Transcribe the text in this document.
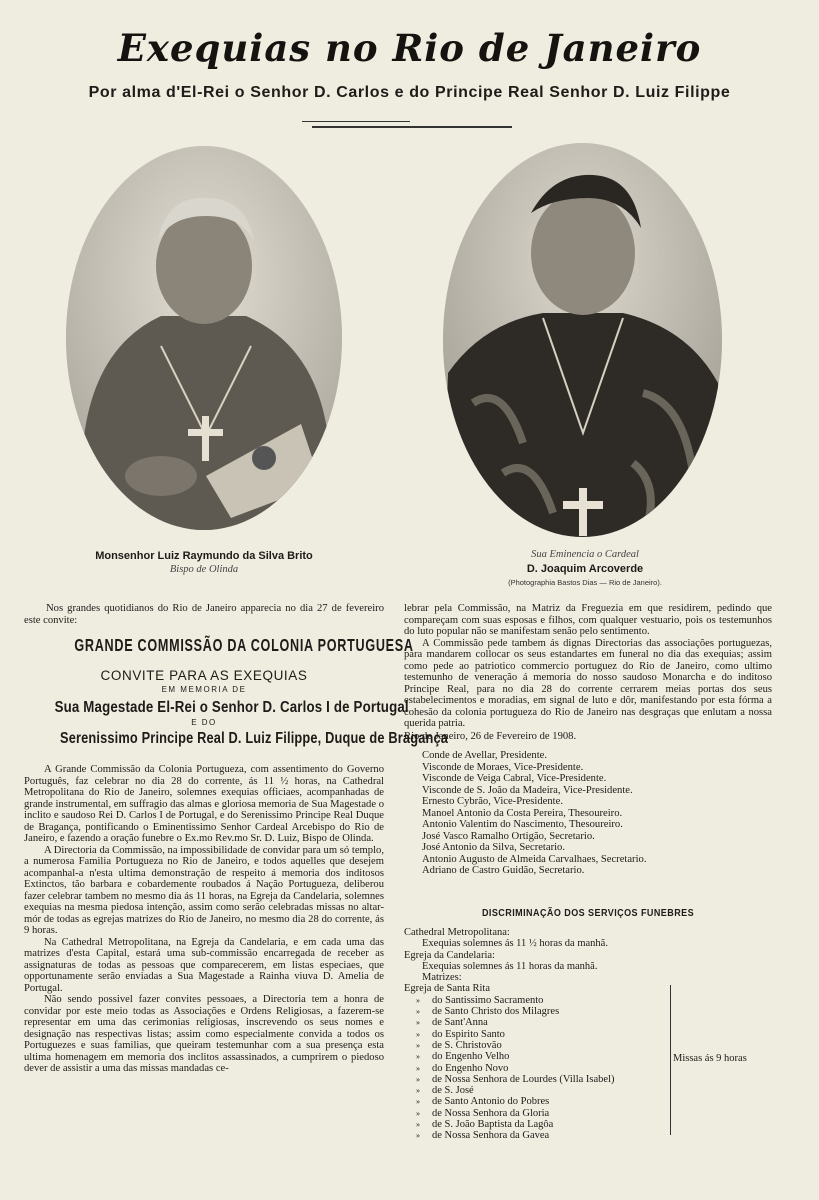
Exequias no Rio de Janeiro
Por alma d'El-Rei o Senhor D. Carlos e do Principe Real Senhor D. Luiz Filippe
Monsenhor Luiz Raymundo da Silva Brito
Bispo de Olinda
Sua Eminencia o Cardeal
D. Joaquim Arcoverde
(Photographia Bastos Dias — Rio de Janeiro).

Nos grandes quotidianos do Rio de Janeiro apparecia no dia 27 de fevereiro este convite:

GRANDE COMMISSÃO DA COLONIA PORTUGUESA
CONVITE PARA AS EXEQUIAS
EM MEMORIA DE
Sua Magestade El-Rei o Senhor D. Carlos I de Portugal
E DO
Serenissimo Principe Real D. Luiz Filippe, Duque de Bragança

A Grande Commissão da Colonia Portugueza, com assentimento do Governo Português, faz celebrar no dia 28 do corrente, ás 11 ½ horas, na Cathedral Metropolitana do Rio de Janeiro, solemnes exequias officiaes, acompanhadas de grande instrumental, em suffragio das almas e gloriosa memoria de Sua Magestade o inclito e saudoso Rei D. Carlos I de Portugal, e do Serenissimo Principe Real Duque de Bragança, pontificando o Eminentissimo Senhor Cardeal Arcebispo do Rio de Janeiro, e fazendo a oração funebre o Ex.mo Rev.mo Sr. D. Luiz, Bispo de Olinda.

A Directoria da Commissão, na impossibilidade de convidar para um só templo, a numerosa Familia Portugueza no Rio de Janeiro, e todos aquelles que desejem acompanhal-a n'esta ultima demonstração de respeito á memoria dos inditosos Extinctos, tão barbara e cobardemente roubados á Nação Portugueza, deliberou fazer celebrar tambem no mesmo dia ás 11 horas, na Egreja da Candelaria, solemnes exequias na mesma piedosa intenção, assim como serão celebradas missas no altar-mór de todas as egrejas matrizes do Rio de Janeiro, no mesmo dia 28 do corrente, ás 9 horas.

Na Cathedral Metropolitana, na Egreja da Candelaria, e em cada uma das matrizes d'esta Capital, estará uma sub-commissão encarregada de receber as assignaturas de todas as pessoas que comparecerem, em listas especiaes, que opportunamente serão enviadas a Sua Magestade a Rainha viuva D. Amelia de Portugal.

Não sendo possivel fazer convites pessoaes, a Directoria tem a honra de convidar por este meio todas as Associações e Ordens Religiosas, a fazerem-se representar em uma das cerimonias religiosas, inscrevendo os seus nomes e designação nas respectivas listas; assim como especialmente convida a todos os Portuguezes e suas familias, que queiram testemunhar com a sua presença esta ultima homenagem em memoria dos inclitos assassinados, a cumprirem o piedoso dever de assistir a uma das missas mandadas ce-

lebrar pela Commissão, na Matriz da Freguezia em que residirem, pedindo que compareçam com suas esposas e filhos, com qualquer vestuario, pois os testemunhos do luto popular não se manifestam senão pelo sentimento.

A Commissão pede tambem ás dignas Directorias das associações portuguezas, para mandarem collocar os seus estandartes em funeral no dia das exequias; assim como pede ao patriotico commercio portuguez do Rio de Janeiro, como ultimo testemunho de veneração á memoria do nosso saudoso Monarcha e do inditoso Principe Real, para no dia 28 do corrente cerrarem meias portas dos seus estabelecimentos e moradias, em signal de luto e dôr, manifestando por esta fórma a cohesão da colonia portugueza do Rio de Janeiro nas desgraças que enlutam a nossa querida patria.

Rio de Janeiro, 26 de Fevereiro de 1908.

Conde de Avellar, Presidente.

Visconde de Moraes, Vice-Presidente.

Visconde de Veiga Cabral, Vice-Presidente.

Visconde de S. João da Madeira, Vice-Presidente.

Ernesto Cybrão, Vice-Presidente.

Manoel Antonio da Costa Pereira, Thesoureiro.

Antonio Valentim do Nascimento, Thesoureiro.

José Vasco Ramalho Ortigão, Secretario.

José Antonio da Silva, Secretario.

Antonio Augusto de Almeida Carvalhaes, Secretario.

Adriano de Castro Guidão, Secretario.

DISCRIMINAÇÃO DOS SERVIÇOS FUNEBRES
Cathedral Metropolitana:
Exequias solemnes ás 11 ½ horas da manhã.
Egreja da Candelaria:
Exequias solemnes ás 11 horas da manhã.
Matrizes:
Egreja de Santa Rita
»	do Santissimo Sacramento
»	de Santo Christo dos Milagres
»	de Sant'Anna
»	do Espirito Santo
»	de S. Christovão
»	do Engenho Velho
»	do Engenho Novo
»	de Nossa Senhora de Lourdes (Villa Isabel)
»	de S. José
»	de Santo Antonio do Pobres
»	de Nossa Senhora da Gloria
»	de S. João Baptista da Lagôa
»	de Nossa Senhora da Gavea
Missas ás 9 horas
